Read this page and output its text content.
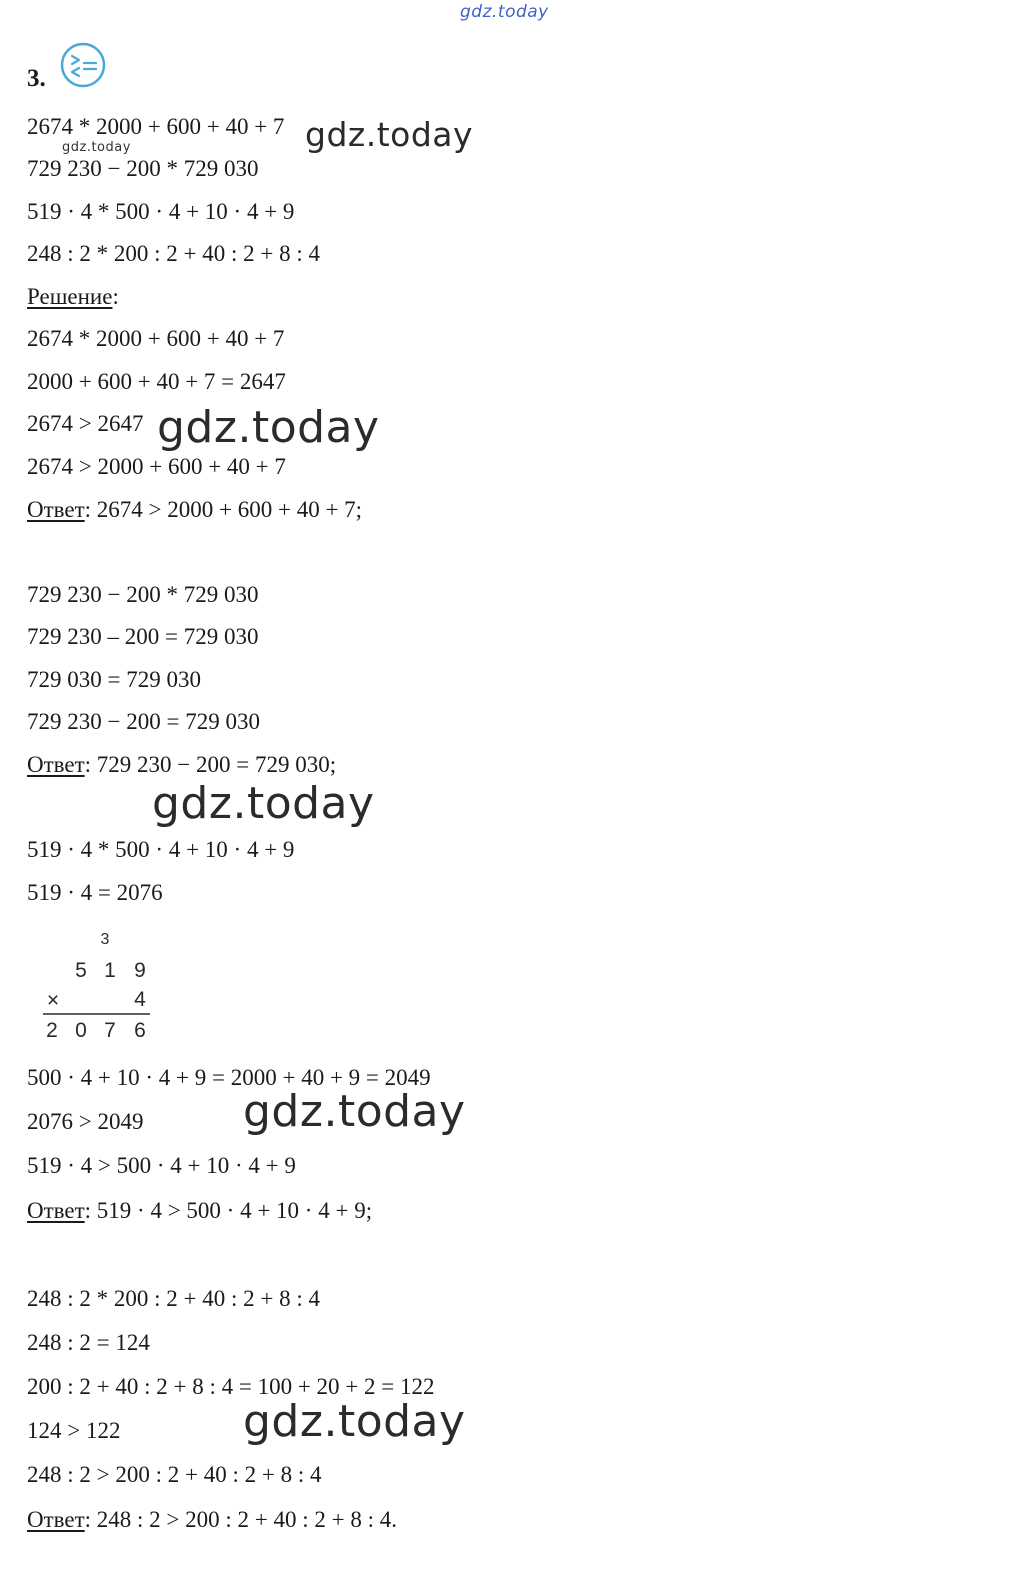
gdz.today
3.
2674 * 2000 + 600 + 40 + 7 gdz.today
gdz.today
729 230 − 200 * 729 030
519 · 4 * 500 · 4 + 10 · 4 + 9
248 : 2 * 200 : 2 + 40 : 2 + 8 : 4
Решение:
2674 * 2000 + 600 + 40 + 7
2000 + 600 + 40 + 7 = 2647
2674 > 2647 gdz.today
2674 > 2000 + 600 + 40 + 7
Ответ: 2674 > 2000 + 600 + 40 + 7;
729 230 − 200 * 729 030
729 230 – 200 = 729 030
729 030 = 729 030
729 230 − 200 = 729 030
Ответ: 729 230 − 200 = 729 030;
gdz.today
519 · 4 * 500 · 4 + 10 · 4 + 9
519 · 4 = 2076
3
5 1 9
×	4
2 0 7 6
500 · 4 + 10 · 4 + 9 = 2000 + 40 + 9 = 2049
2076 > 2049 gdz.today
519 · 4 > 500 · 4 + 10 · 4 + 9
Ответ: 519 · 4 > 500 · 4 + 10 · 4 + 9;
248 : 2 * 200 : 2 + 40 : 2 + 8 : 4
248 : 2 = 124
200 : 2 + 40 : 2 + 8 : 4 = 100 + 20 + 2 = 122
124 > 122	gdz.today
248 : 2 > 200 : 2 + 40 : 2 + 8 : 4
Ответ: 248 : 2 > 200 : 2 + 40 : 2 + 8 : 4.
